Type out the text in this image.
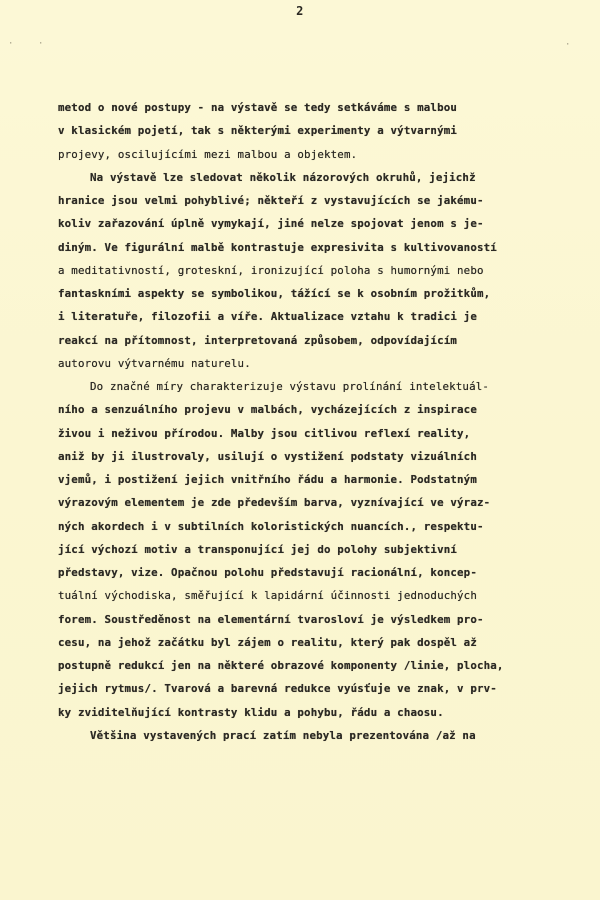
2
·	·	·
metod o nové postupy - na výstavě se tedy setkáváme s malbou
v klasickém pojetí, tak s některými experimenty a výtvarnými
projevy, oscilujícími mezi malbou a objektem.
Na výstavě lze sledovat několik názorových okruhů, jejichž
hranice jsou velmi pohyblivé; někteří z vystavujících se jakému-
koliv zařazování úplně vymykají, jiné nelze spojovat jenom s je-
diným. Ve figurální malbě kontrastuje expresivita s kultivovaností
a meditativností, groteskní, ironizující poloha s humornými nebo
fantaskními aspekty se symbolikou, tážící se k osobním prožitkům,
i literatuře, filozofii a víře. Aktualizace vztahu k tradici je
reakcí na přítomnost, interpretovaná způsobem, odpovídajícím
autorovu výtvarnému naturelu.
Do značné míry charakterizuje výstavu prolínání intelektuál-
ního a senzuálního projevu v malbách, vycházejících z inspirace
živou i neživou přírodou. Malby jsou citlivou reflexí reality,
aniž by ji ilustrovaly, usilují o vystižení podstaty vizuálních
vjemů, i postižení jejich vnitřního řádu a harmonie. Podstatným
výrazovým elementem je zde především barva, vyznívající ve výraz-
ných akordech i v subtilních koloristických nuancích., respektu-
jící výchozí motiv a transponující jej do polohy subjektivní
představy, vize. Opačnou polohu představují racionální, koncep-
tuální východiska, směřující k lapidární účinnosti jednoduchých
forem. Soustředěnost na elementární tvarosloví je výsledkem pro-
cesu, na jehož začátku byl zájem o realitu, který pak dospěl až
postupně redukcí jen na některé obrazové komponenty /linie, plocha,
jejich rytmus/. Tvarová a barevná redukce vyúsťuje ve znak, v prv-
ky zviditelňující kontrasty klidu a pohybu, řádu a chaosu.
Většina vystavených prací zatím nebyla prezentována /až na
